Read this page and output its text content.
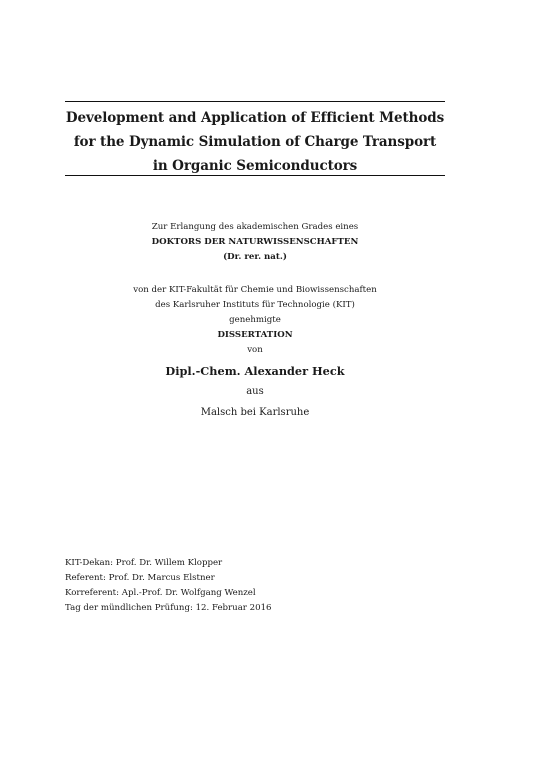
Development and Application of Efficient Methods
for the Dynamic Simulation of Charge Transport
in Organic Semiconductors
Zur Erlangung des akademischen Grades eines
DOKTORS DER NATURWISSENSCHAFTEN
(Dr. rer. nat.)
von der KIT-Fakultät für Chemie und Biowissenschaften
des Karlsruher Instituts für Technologie (KIT)
genehmigte
DISSERTATION
von
Dipl.-Chem. Alexander Heck
aus
Malsch bei Karlsruhe
KIT-Dekan: Prof. Dr. Willem Klopper
Referent: Prof. Dr. Marcus Elstner
Korreferent: Apl.-Prof. Dr. Wolfgang Wenzel
Tag der mündlichen Prüfung: 12. Februar 2016
